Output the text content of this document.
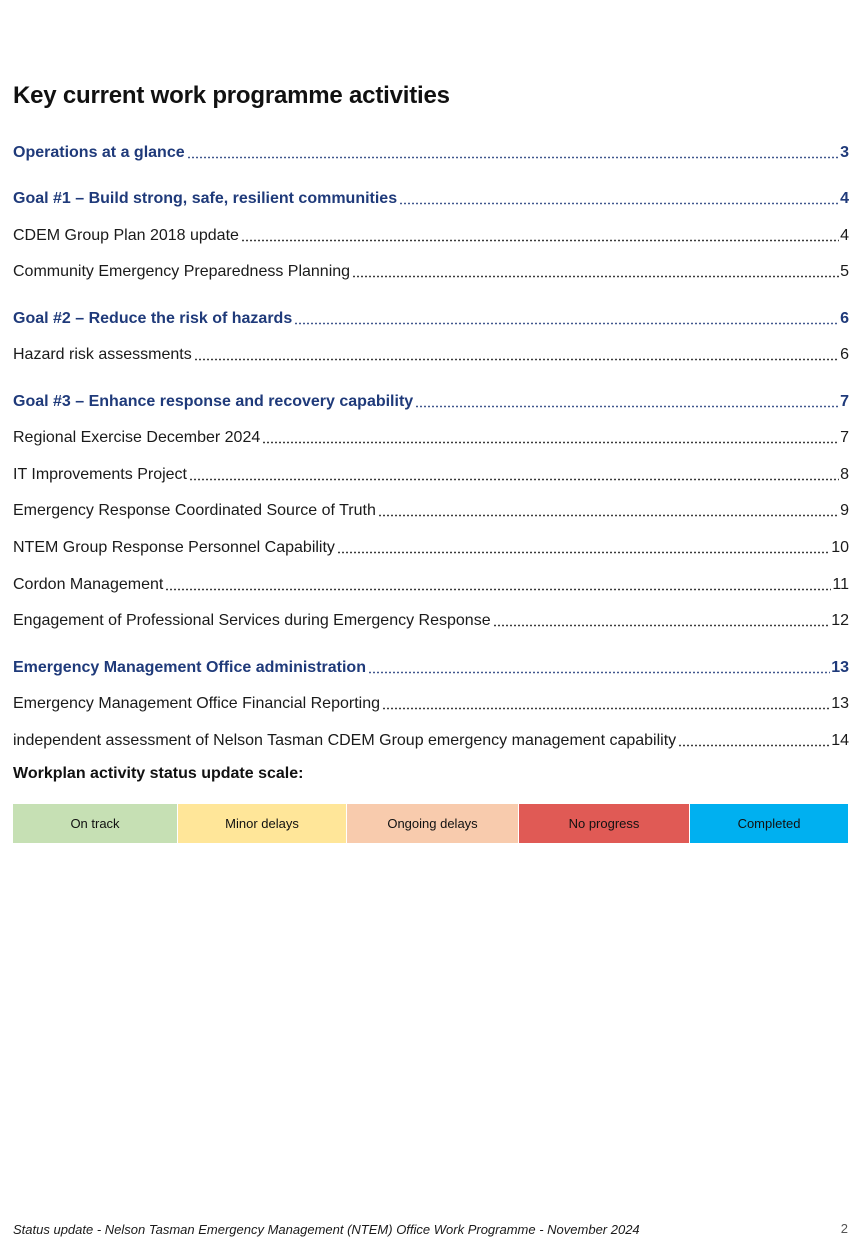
Key current work programme activities
Operations at a glance	3
Goal #1 – Build strong, safe, resilient communities	4
CDEM Group Plan 2018 update	4
Community Emergency Preparedness Planning	5
Goal #2 – Reduce the risk of hazards	6
Hazard risk assessments	6
Goal #3 – Enhance response and recovery capability	7
Regional Exercise December 2024	7
IT Improvements Project	8
Emergency Response Coordinated Source of Truth	9
NTEM Group Response Personnel Capability	10
Cordon Management	11
Engagement of Professional Services during Emergency Response	12
Emergency Management Office administration	13
Emergency Management Office Financial Reporting	13
independent assessment of Nelson Tasman CDEM Group emergency management capability	14
Workplan activity status update scale:
On track	Minor delays	Ongoing delays	No progress	Completed
Status update - Nelson Tasman Emergency Management (NTEM) Office Work Programme - November 2024	2
